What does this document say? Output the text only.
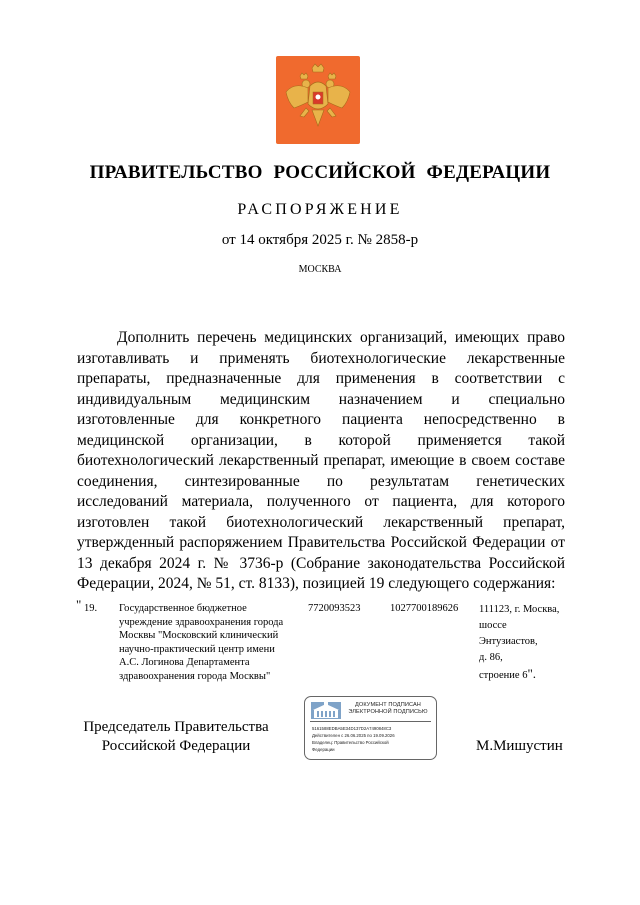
ПРАВИТЕЛЬСТВО РОССИЙСКОЙ ФЕДЕРАЦИИ
РАСПОРЯЖЕНИЕ
от 14 октября 2025 г. № 2858-р
МОСКВА
Дополнить перечень медицинских организаций, имеющих право изготавливать и применять биотехнологические лекарственные препараты, предназначенные для применения в соответствии с индивидуальным медицинским назначением и специально изготовленные для конкретного пациента непосредственно в медицинской организации, в которой применяется такой биотехнологический лекарственный препарат, имеющие в своем составе соединения, синтезированные по результатам генетических исследований материала, полученного от пациента, для которого изготовлен такой биотехнологический лекарственный препарат, утвержденный распоряжением Правительства Российской Федерации от 13 декабря 2024 г. № 3736-р (Собрание законодательства Российской Федерации, 2024, № 51, ст. 8133), позицией 19 следующего содержания:
" 19. Государственное бюджетное учреждение здравоохранения города Москвы "Московский клинический научно-практический центр имени А.С. Логинова Департамента здравоохранения города Москвы"
7720093523	1027700189626 111123, г. Москва,
шоссе
Энтузиастов,
д. 86,
строение 6".
Председатель Правительства
Российской Федерации
ДОКУМЕНТ ПОДПИСАН
ЭЛЕКТРОННОЙ ПОДПИСЬЮ
5161588EDBA5E34D137D2A7490848C3
Действителен с 26.06.2025 по 19.09.2026
Владелец: Правительство Российской
Федерации	М.Мишустин
